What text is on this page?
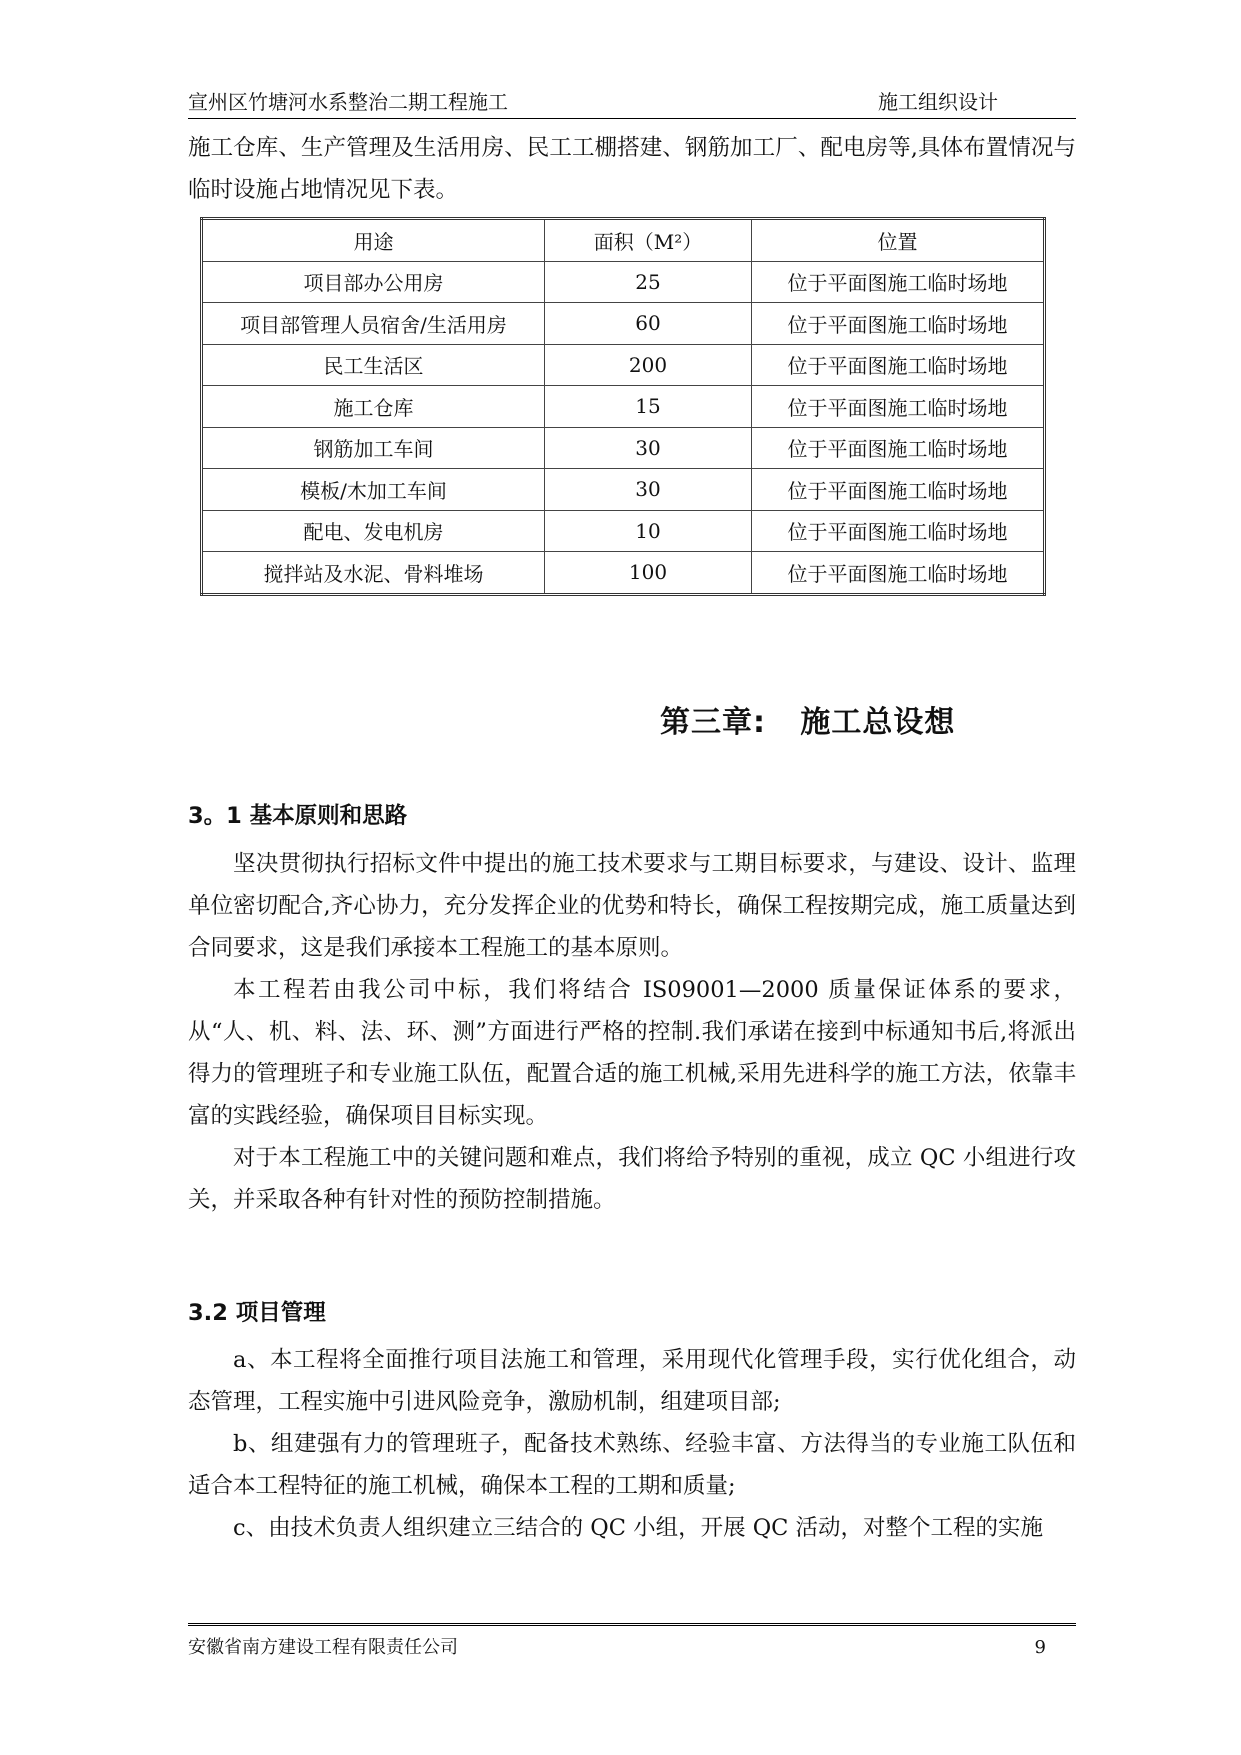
宣州区竹塘河水系整治二期工程施工	施工组织设计

施工仓库、生产管理及生活用房、民工工棚搭建、钢筋加工厂、配电房等,具体布置情况与临时设施占地情况见下表。

用途	面积（M²）	位置
项目部办公用房	25	位于平面图施工临时场地
项目部管理人员宿舍/生活用房	60	位于平面图施工临时场地
民工生活区	200	位于平面图施工临时场地
施工仓库	15	位于平面图施工临时场地
钢筋加工车间	30	位于平面图施工临时场地
模板/木加工车间	30	位于平面图施工临时场地
配电、发电机房	10	位于平面图施工临时场地
搅拌站及水泥、骨料堆场	100	位于平面图施工临时场地
第三章:   施工总设想
3。1 基本原则和思路

坚决贯彻执行招标文件中提出的施工技术要求与工期目标要求，与建设、设计、监理单位密切配合,齐心协力，充分发挥企业的优势和特长，确保工程按期完成，施工质量达到合同要求，这是我们承接本工程施工的基本原则。

本工程若由我公司中标，我们将结合 IS09001—2000 质量保证体系的要求，从“人、机、料、法、环、测”方面进行严格的控制.我们承诺在接到中标通知书后,将派出得力的管理班子和专业施工队伍，配置合适的施工机械,采用先进科学的施工方法，依靠丰富的实践经验，确保项目目标实现。

对于本工程施工中的关键问题和难点，我们将给予特别的重视，成立 QC 小组进行攻关，并采取各种有针对性的预防控制措施。

3.2 项目管理

a、本工程将全面推行项目法施工和管理，采用现代化管理手段，实行优化组合，动态管理，工程实施中引进风险竞争，激励机制，组建项目部;

b、组建强有力的管理班子，配备技术熟练、经验丰富、方法得当的专业施工队伍和适合本工程特征的施工机械，确保本工程的工期和质量;

c、由技术负责人组织建立三结合的 QC 小组，开展 QC 活动，对整个工程的实施

安徽省南方建设工程有限责任公司	9
